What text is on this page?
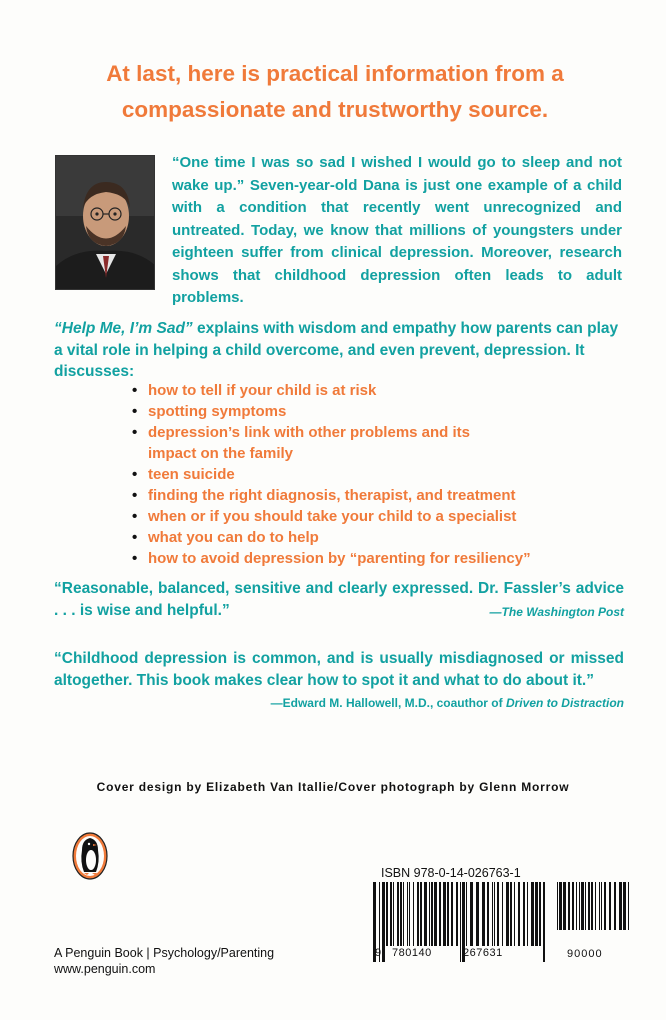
At last, here is practical information from a
compassionate and trustworthy source.
“One time I was so sad I wished I would go to sleep and not wake up.” Seven-year-old Dana is just one example of a child with a condition that recently went unrecognized and untreated. Today, we know that millions of youngsters under eighteen suffer from clinical depression. Moreover, research shows that childhood depression often leads to adult problems.
“Help Me, I’m Sad” explains with wisdom and empathy how parents can play a vital role in helping a child overcome, and even prevent, depression. It discusses:
• how to tell if your child is at risk
• spotting symptoms
• depression’s link with other problems and its impact on the family
• teen suicide
• finding the right diagnosis, therapist, and treatment
• when or if you should take your child to a specialist
• what you can do to help
• how to avoid depression by “parenting for resiliency”
“Reasonable, balanced, sensitive and clearly expressed. Dr. Fassler’s advice . . . is wise and helpful.”	—The Washington Post
“Childhood depression is common, and is usually misdiagnosed or missed altogether. This book makes clear how to spot it and what to do about it.”
—Edward M. Hallowell, M.D., coauthor of Driven to Distraction
Cover design by Elizabeth Van Itallie/Cover photograph by Glenn Morrow
ISBN 978-0-14-026763-1
9 780140	267631	90000
A Penguin Book | Psychology/Parenting
www.penguin.com
